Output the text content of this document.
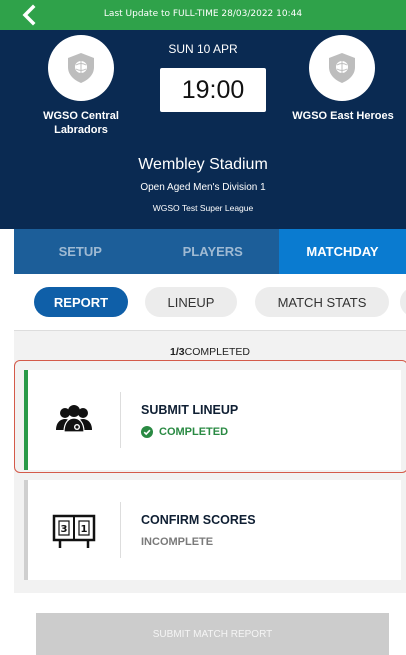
Last Update to FULL-TIME 28/03/2022 10:44
WGSO Central Labradors
SUN 10 APR
19:00
WGSO East Heroes
Wembley Stadium
Open Aged Men's Division 1
WGSO Test Super League
SETUP	PLAYERS	MATCHDAY
REPORT	LINEUP	MATCH STATS
1/3COMPLETED
SUBMIT LINEUP
COMPLETED
3 1
CONFIRM SCORES
INCOMPLETE
SUBMIT MATCH REPORT
